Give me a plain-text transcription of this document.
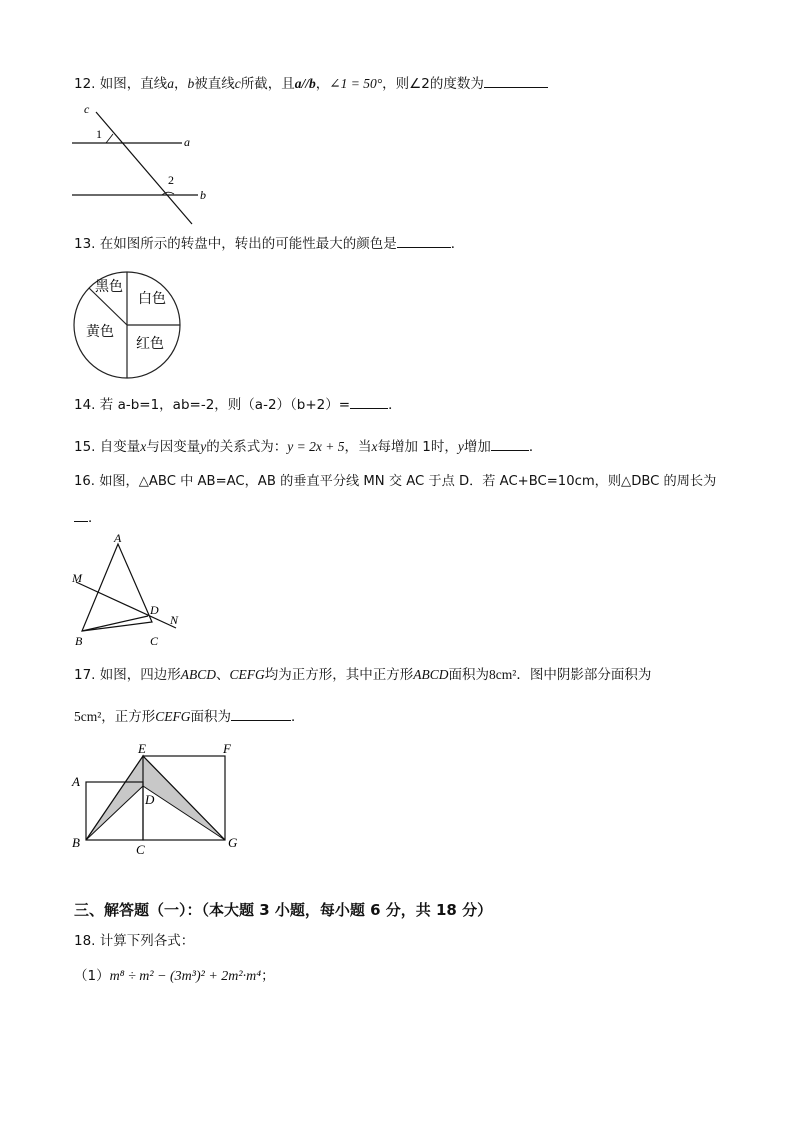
12. 如图，直线a，b被直线c所截，且a//b，∠1 = 50°，则∠2的度数为
c
1
a
2
b
13. 在如图所示的转盘中，转出的可能性最大的颜色是	．
黑色
白色
黄色
红色
14. 若 a-b=1，ab=-2，则（a-2）（b+2）=	．
15. 自变量x与因变量y的关系式为：y = 2x + 5，当x每增加 1时，y增加	．
16. 如图，△ABC 中 AB=AC，AB 的垂直平分线 MN 交 AC 于点 D．若 AC+BC=10cm，则△DBC 的周长为
．
A
M
D
N
B	C
17. 如图，四边形ABCD、CEFG均为正方形，其中正方形ABCD面积为8cm²．图中阴影部分面积为
5cm²，正方形CEFG面积为	．
E	F
A
D
B	C	G
三、解答题（一）：（本大题 3 小题，每小题 6 分，共 18 分）
18. 计算下列各式：
（1）m⁸ ÷ m² − (3m³)² + 2m²·m⁴；
